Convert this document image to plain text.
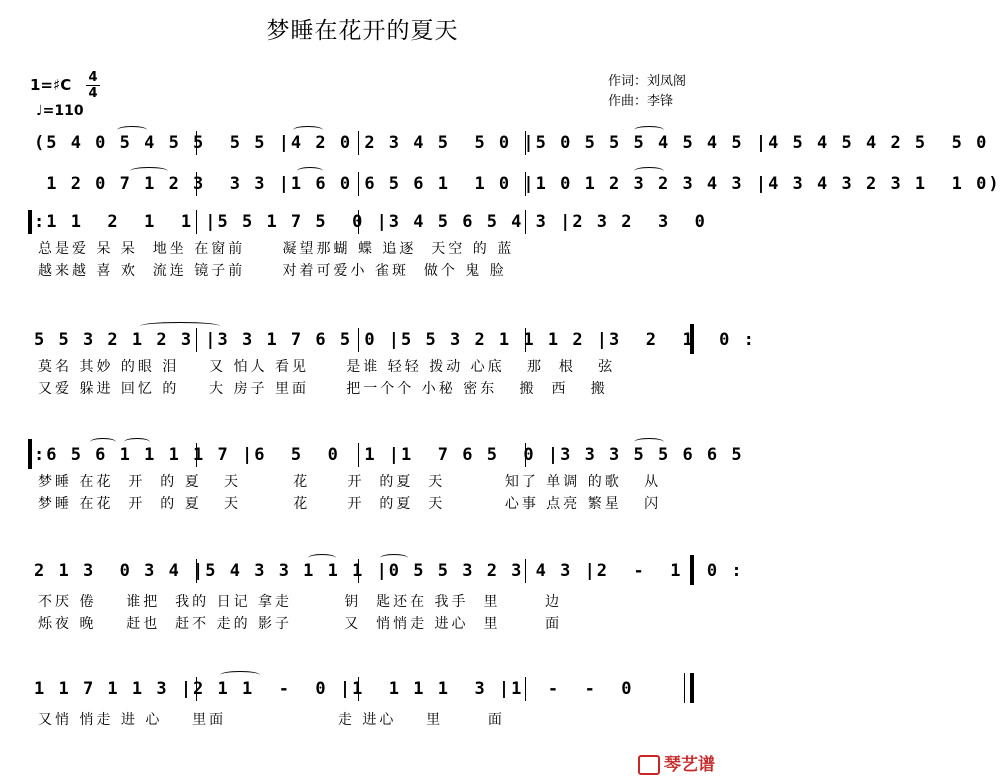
梦睡在花开的夏天
1=♯C 4
4
♩=110
作词：刘凤阁
作曲：李锋
(5 4 0 5 4 5 5  5 5 |4 2 0 2 3 4 5  5 0 |5 0 5 5 5 4 5 4 5 |4 5 4 5 4 2 5  5 0
1 2 0 7 1 2 3  3 3 |1 6 0 6 5 6 1  1 0 |1 0 1 2 3 2 3 4 3 |4 3 4 3 2 3 1  1 0)
:1 1  2  1  1 |5 5 1 7 5  0 |3 4 5 6 5 4 3 |2 3 2  3  0
总是爱 呆 呆  地坐 在窗前     凝望那蝴 蝶 追逐  天空 的 蓝
越来越 喜 欢  流连 镜子前     对着可爱小 雀斑  做个 鬼 脸
5 5 3 2 1 2 3 |3 3 1 7 6 5 0 |5 5 3 2 1 1 1 2 |3  2  1  0 :
莫名 其妙 的眼 泪    又 怕人 看见     是谁 轻轻 拨动 心底   那  根   弦
又爱 躲进 回忆 的    大 房子 里面     把一个个 小秘 密东   搬  西   搬
:6 5 6 1 1 1 1 7 |6  5  0  1 |1  7 6 5  0 |3 3 3 5 5 6 6 5
梦睡 在花  开  的 夏   天       花     开  的夏  天        知了 单调 的歌   从
梦睡 在花  开  的 夏   天       花     开  的夏  天        心事 点亮 繁星   闪
2 1 3  0 3 4 |5 4 3 3 1 1 1 |0 5 5 3 2 3 4 3 |2  -  1  0 :
不厌 倦    谁把  我的 日记 拿走       钥  匙还在 我手  里      边
烁夜 晚    赶也  赶不 走的 影子       又  悄悄走 进心  里      面
1 1 7 1 1 3 |2 1 1  -  0 |1  1 1 1  3 |1  -  -  0
又悄 悄走 进 心    里面               走 进心    里      面
琴艺谱
